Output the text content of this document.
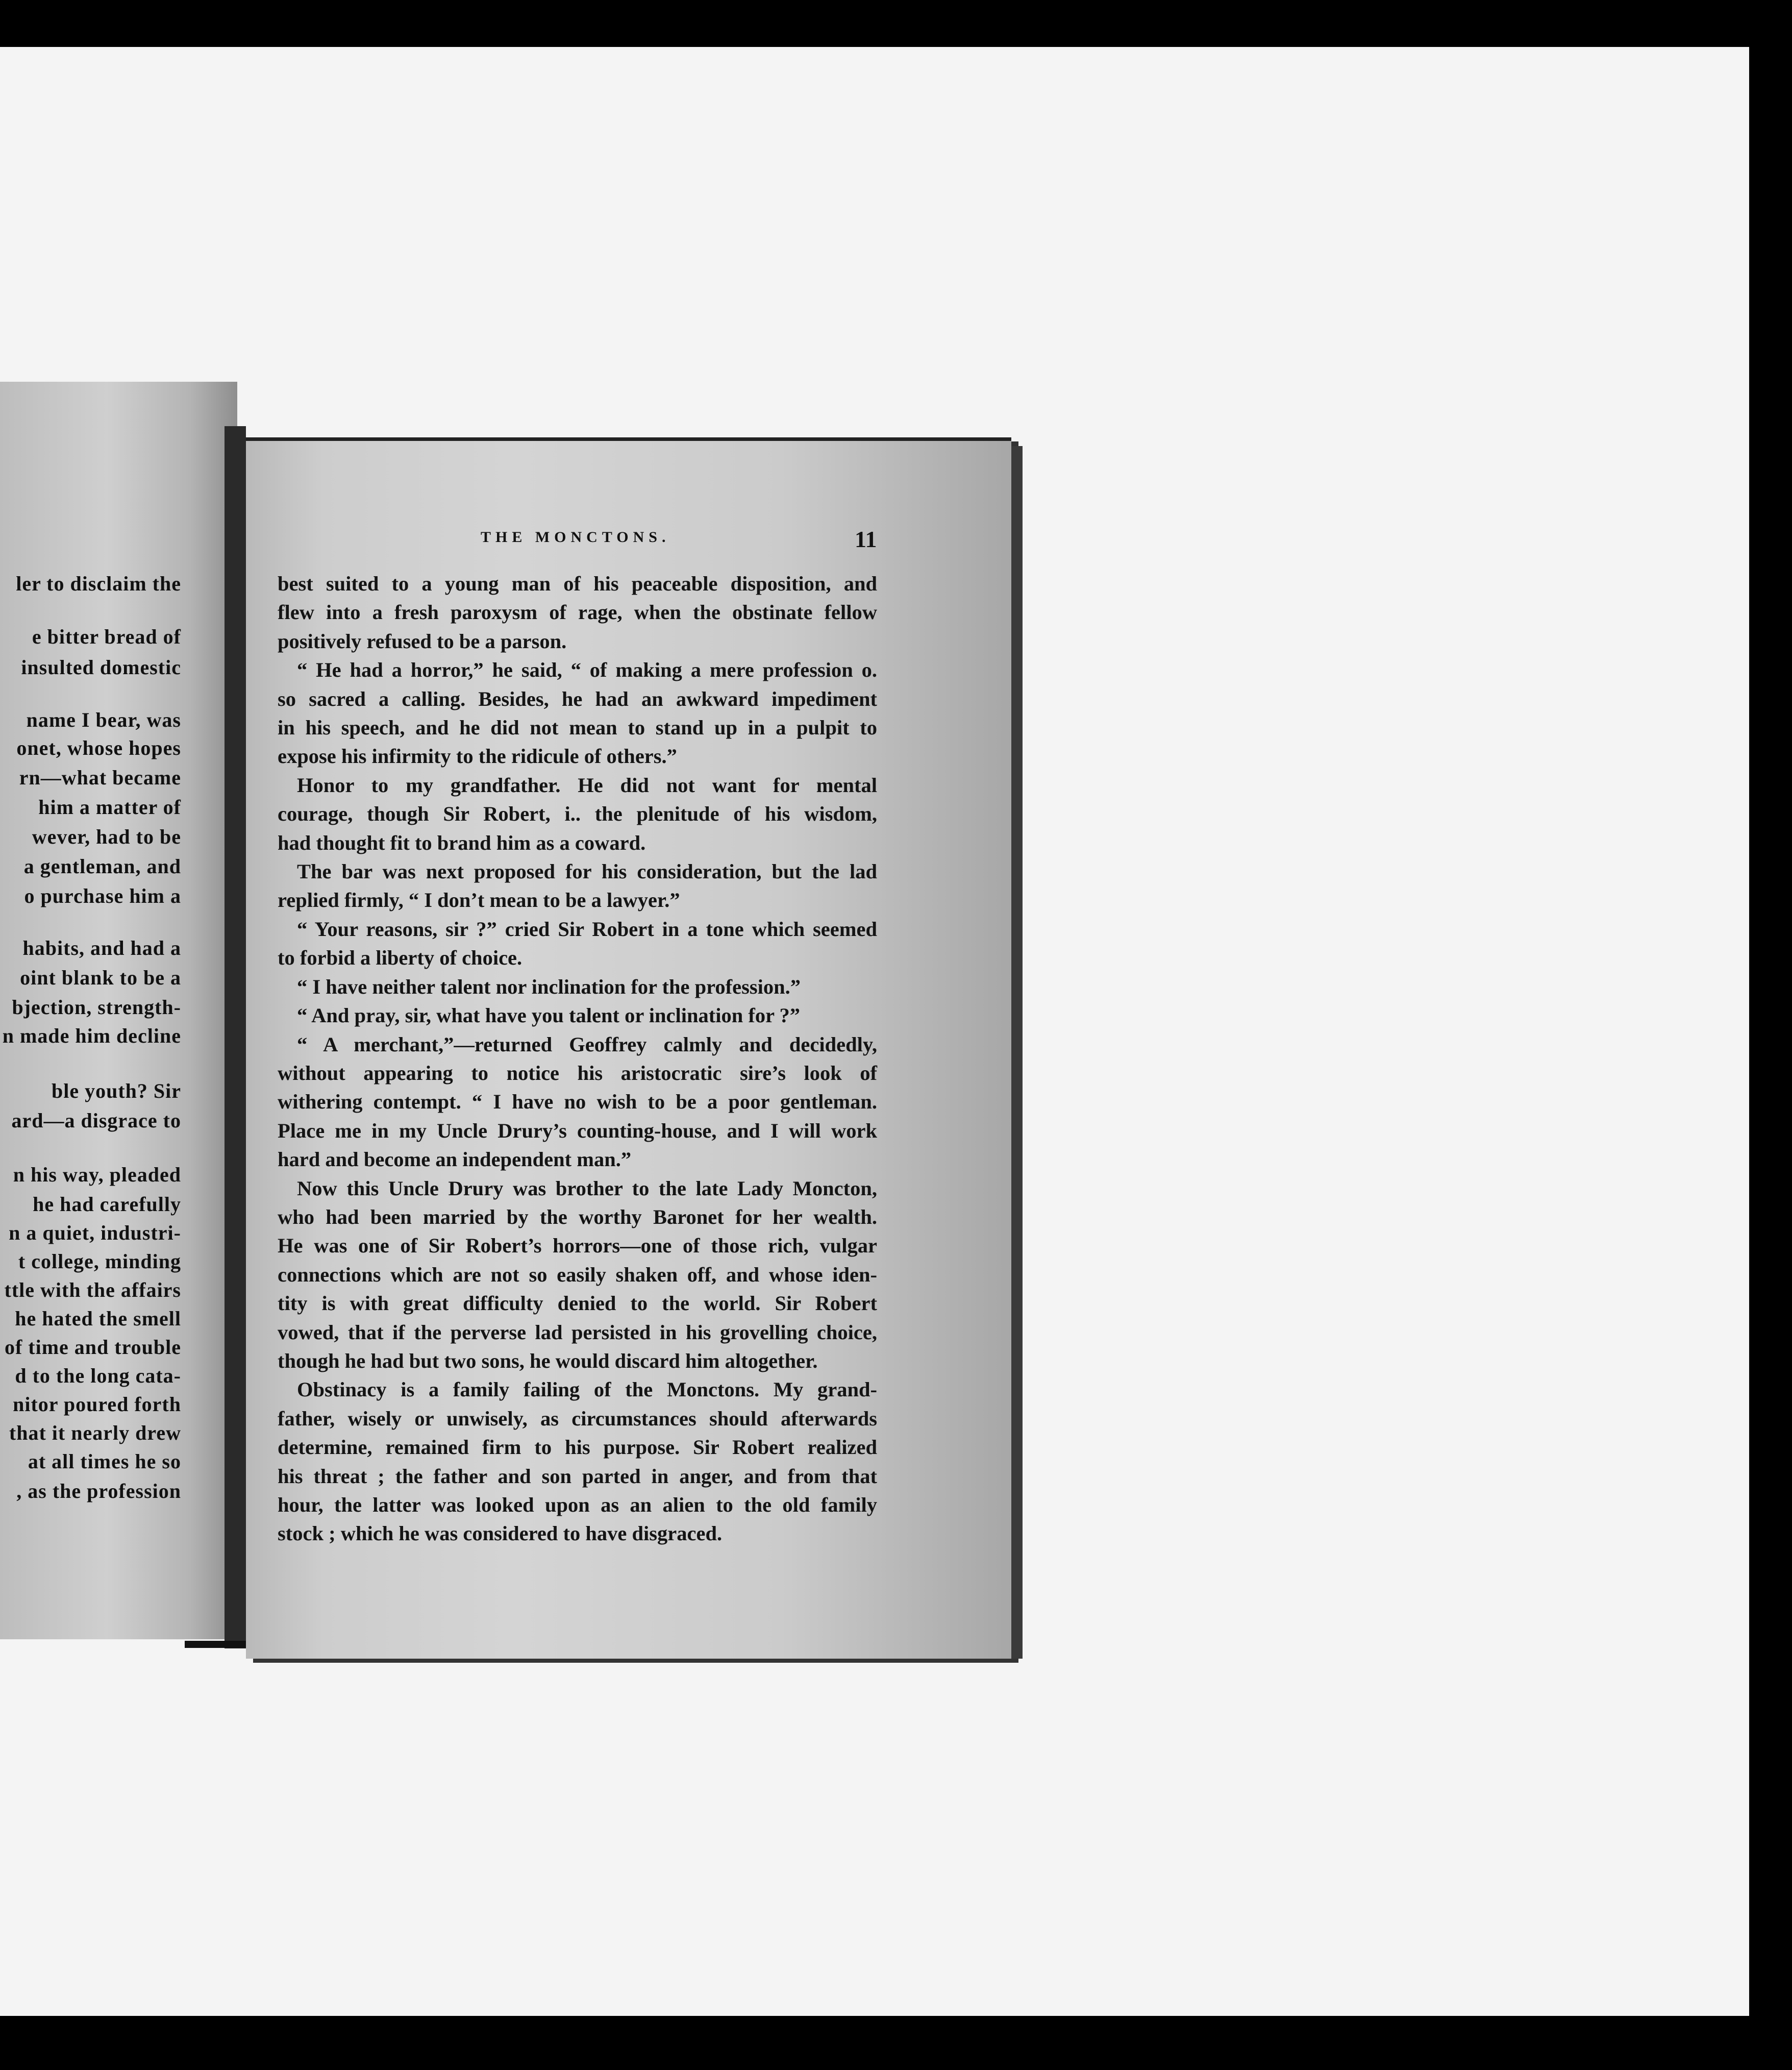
ler to disclaim the
e bitter bread of
insulted domestic
name I bear, was
onet, whose hopes
rn—what became
him a matter of
wever, had to be
a gentleman, and
o purchase him a
habits, and had a
oint blank to be a
bjection, strength-
n made him decline
ble youth? Sir
ard—a disgrace to
n his way, pleaded
he had carefully
n a quiet, industri-
t college, minding
ttle with the affairs
he hated the smell
of time and trouble
d to the long cata-
nitor poured forth
that it nearly drew
at all times he so
, as the profession
THE MONCTONS.	11

best suited to a young man of his peaceable disposition, and

flew into a fresh paroxysm of rage, when the obstinate fellow

positively refused to be a parson.

“ He had a horror,” he said, “ of making a mere profession o.

so sacred a calling. Besides, he had an awkward impediment

in his speech, and he did not mean to stand up in a pulpit to

expose his infirmity to the ridicule of others.”

Honor to my grandfather. He did not want for mental

courage, though Sir Robert, i.. the plenitude of his wisdom,

had thought fit to brand him as a coward.

The bar was next proposed for his consideration, but the lad

replied firmly, “ I don’t mean to be a lawyer.”

“ Your reasons, sir ?” cried Sir Robert in a tone which seemed

to forbid a liberty of choice.

“ I have neither talent nor inclination for the profession.”

“ And pray, sir, what have you talent or inclination for ?”

“ A merchant,”—returned Geoffrey calmly and decidedly,

without appearing to notice his aristocratic sire’s look of

withering contempt. “ I have no wish to be a poor gentleman.

Place me in my Uncle Drury’s counting-house, and I will work

hard and become an independent man.”

Now this Uncle Drury was brother to the late Lady Moncton,

who had been married by the worthy Baronet for her wealth.

He was one of Sir Robert’s horrors—one of those rich, vulgar

connections which are not so easily shaken off, and whose iden-

tity is with great difficulty denied to the world. Sir Robert

vowed, that if the perverse lad persisted in his grovelling choice,

though he had but two sons, he would discard him altogether.

Obstinacy is a family failing of the Monctons. My grand-

father, wisely or unwisely, as circumstances should afterwards

determine, remained firm to his purpose. Sir Robert realized

his threat ; the father and son parted in anger, and from that

hour, the latter was looked upon as an alien to the old family

stock ; which he was considered to have disgraced.
